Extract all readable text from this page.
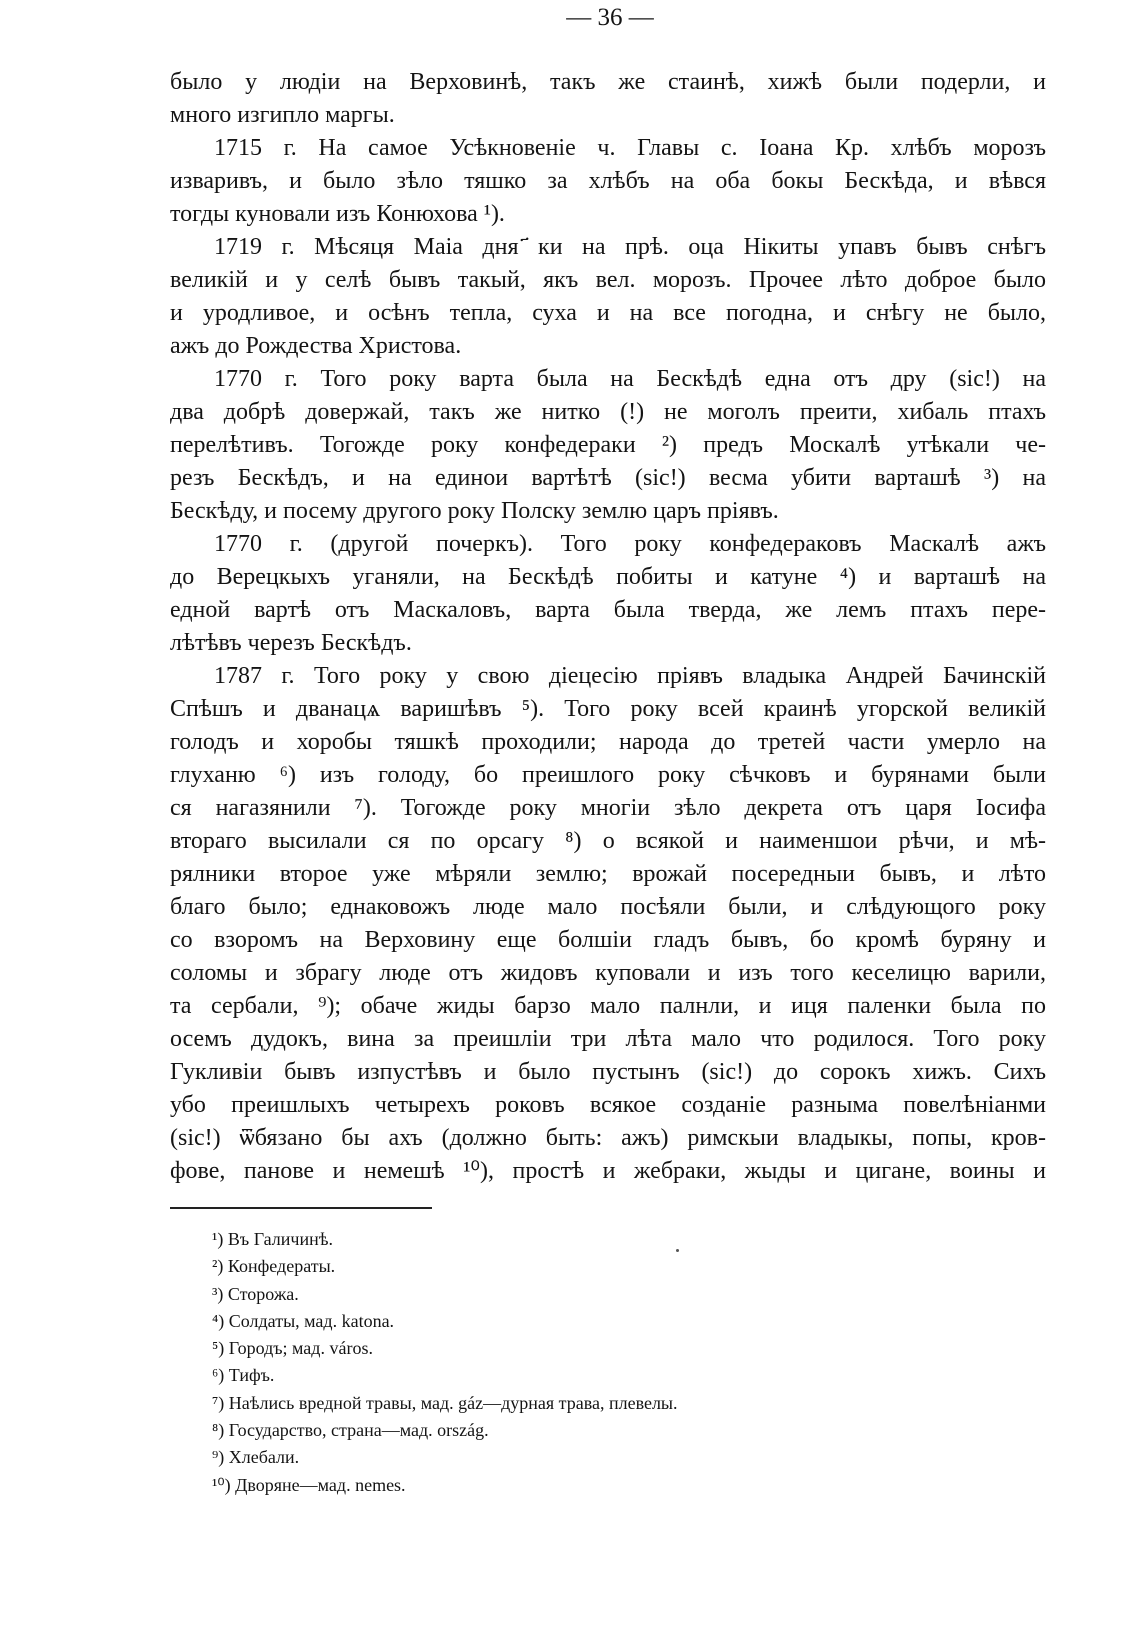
— 36 —
было у людіи на Верховинѣ, такъ же стаинѣ, хижѣ были подерли, и
много изгипло маргы.
1715 г. На самое Усѣкновеніе ч. Главы с. Іоана Кр. хлѣбъ морозъ
изваривъ, и было зѣло тяшко за хлѣбъ на оба бокы Бескѣда, и вѣвся
тогды куновали изъ Конюхова ¹).
1719 г. Мѣсяця Маіа дня ҃ки на прѣ. оца Нікиты упавъ бывъ снѣгъ
великій и у селѣ бывъ такый, якъ вел. морозъ. Прочее лѣто доброе было
и уродливое, и осѣнъ тепла, суха и на все погодна, и снѣгу не было,
ажъ до Рождества Христова.
1770 г. Того року варта была на Бескѣдѣ една отъ дру (sic!) на
два добрѣ довержай, такъ же нитко (!) не моголъ преити, хибаль птахъ
перелѣтивъ. Тогожде року конфедераки ²) предъ Москалѣ утѣкали че-
резъ Бескѣдъ, и на единои вартѣтѣ (sic!) весма убити варташѣ ³) на
Бескѣду, и посему другого року Полску землю царъ пріявъ.
1770 г. (другой почеркъ). Того року конфедераковъ Маскалѣ ажъ
до Верецкыхъ уганяли, на Бескѣдѣ побиты и катуне ⁴) и варташѣ на
едной вартѣ отъ Маскаловъ, варта была тверда, же лемъ птахъ пере-
лѣтѣвъ черезъ Бескѣдъ.
1787 г. Того року у свою діецесію пріявъ владыка Андрей Бачинскій
Спѣшъ и дванацѧ варишѣвъ ⁵). Того року всей краинѣ угорской великій
голодъ и хоробы тяшкѣ проходили; народа до третей части умерло на
глуханю ⁶) изъ голоду, бо преишлого року сѣчковъ и бурянами были
ся нагазянили ⁷). Тогожде року многіи зѣло декрета отъ царя Іосифа
втораго высилали ся по орсагу ⁸) о всякой и наименшои рѣчи, и мѣ-
рялники второе уже мѣряли землю; врожай посередныи бывъ, и лѣто
благо было; еднаковожъ люде мало посѣяли были, и слѣдующого року
со взоромъ на Верховину еще болшіи гладъ бывъ, бо кромѣ буряну и
соломы и збрагу люде отъ жидовъ куповали и изъ того кеселицю варили,
та сербали, ⁹); обаче жиды барзо мало палнли, и иця паленки была по
осемъ дудокъ, вина за преишліи три лѣта мало что родилося. Того року
Гукливіи бывъ изпустѣвъ и было пустынъ (sic!) до сорокъ хижъ. Сихъ
убо преишлыхъ четырехъ роковъ всякое созданіе разныма повелѣніанми
(sic!) ѿбязано бы ахъ (должно быть: ажъ) римскыи владыкы, попы, кров-
фове, панове и немешѣ ¹⁰), простѣ и жебраки, жыды и цигане, воины и
¹) Въ Галичинѣ.
²) Конфедераты.
³) Сторожа.
⁴) Солдаты, мад. katona.
⁵) Городъ; мад. város.
⁶) Тифъ.
⁷) Наѣлись вредной травы, мад. gáz—дурная трава, плевелы.
⁸) Государство, страна—мад. ország.
⁹) Хлебали.
¹⁰) Дворяне—мад. nemes.
